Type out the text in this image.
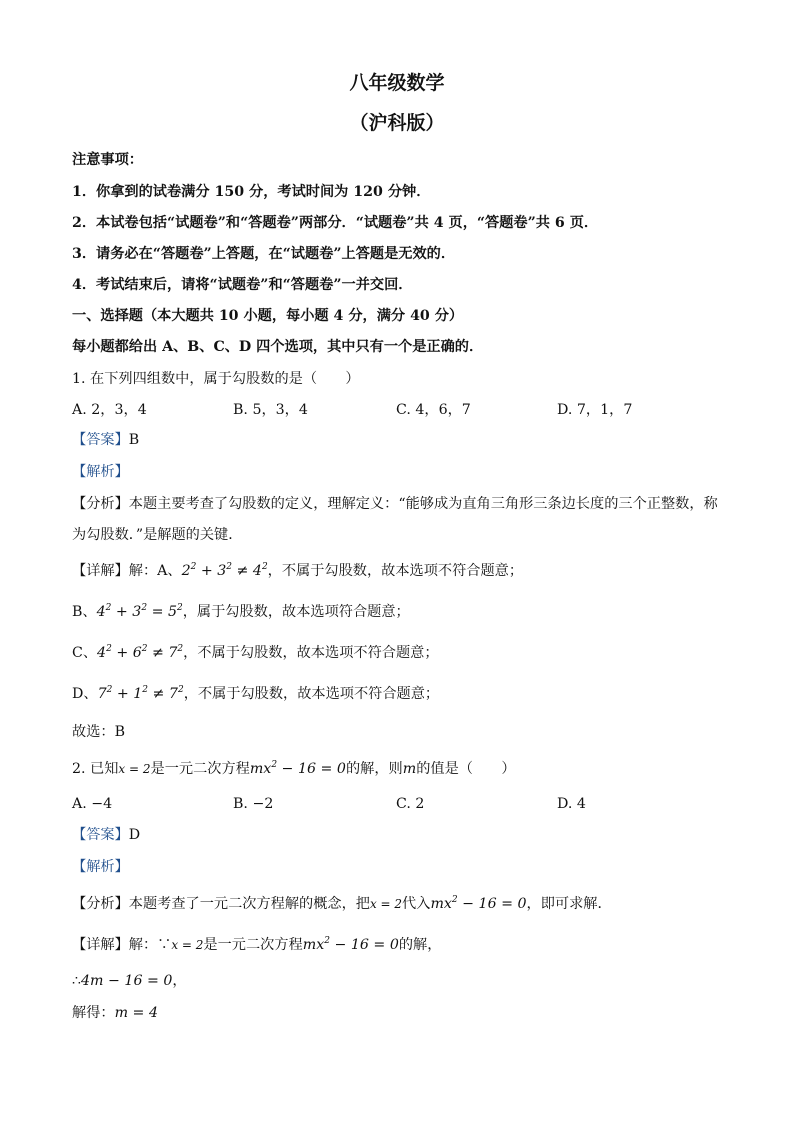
八年级数学
（沪科版）
注意事项：
1．你拿到的试卷满分 150 分，考试时间为 120 分钟．
2．本试卷包括“试题卷”和“答题卷”两部分．“试题卷”共 4 页，“答题卷”共 6 页．
3．请务必在“答题卷”上答题，在“试题卷”上答题是无效的．
4．考试结束后，请将“试题卷”和“答题卷”一并交回．
一、选择题（本大题共 10 小题，每小题 4 分，满分 40 分）
每小题都给出 A、B、C、D 四个选项，其中只有一个是正确的．
1. 在下列四组数中，属于勾股数的是（　　）
A. 2，3，4	B. 5，3，4	C. 4，6，7	D. 7，1，7
【答案】B
【解析】
【分析】本题主要考查了勾股数的定义，理解定义：“能够成为直角三角形三条边长度的三个正整数，称
为勾股数．”是解题的关键．
【详解】解：A、$2^2 + 3^2 \ne 4^2$，不属于勾股数，故本选项不符合题意；
B、$4^2 + 3^2 = 5^2$，属于勾股数，故本选项符合题意；
C、$4^2 + 6^2 \ne 7^2$，不属于勾股数，故本选项不符合题意；
D、$7^2 + 1^2 \ne 7^2$，不属于勾股数，故本选项不符合题意；
故选：B
2. 已知x = 2是一元二次方程$mx^2 - 16 = 0$的解，则m的值是（　　）
A. −4	B. −2	C. 2	D. 4
【答案】D
【解析】
【分析】本题考查了一元二次方程解的概念，把x = 2代入$mx^2 - 16 = 0$，即可求解．
【详解】解：∵x = 2是一元二次方程$mx^2 - 16 = 0$的解，
∴4m − 16 = 0，
解得：m = 4
